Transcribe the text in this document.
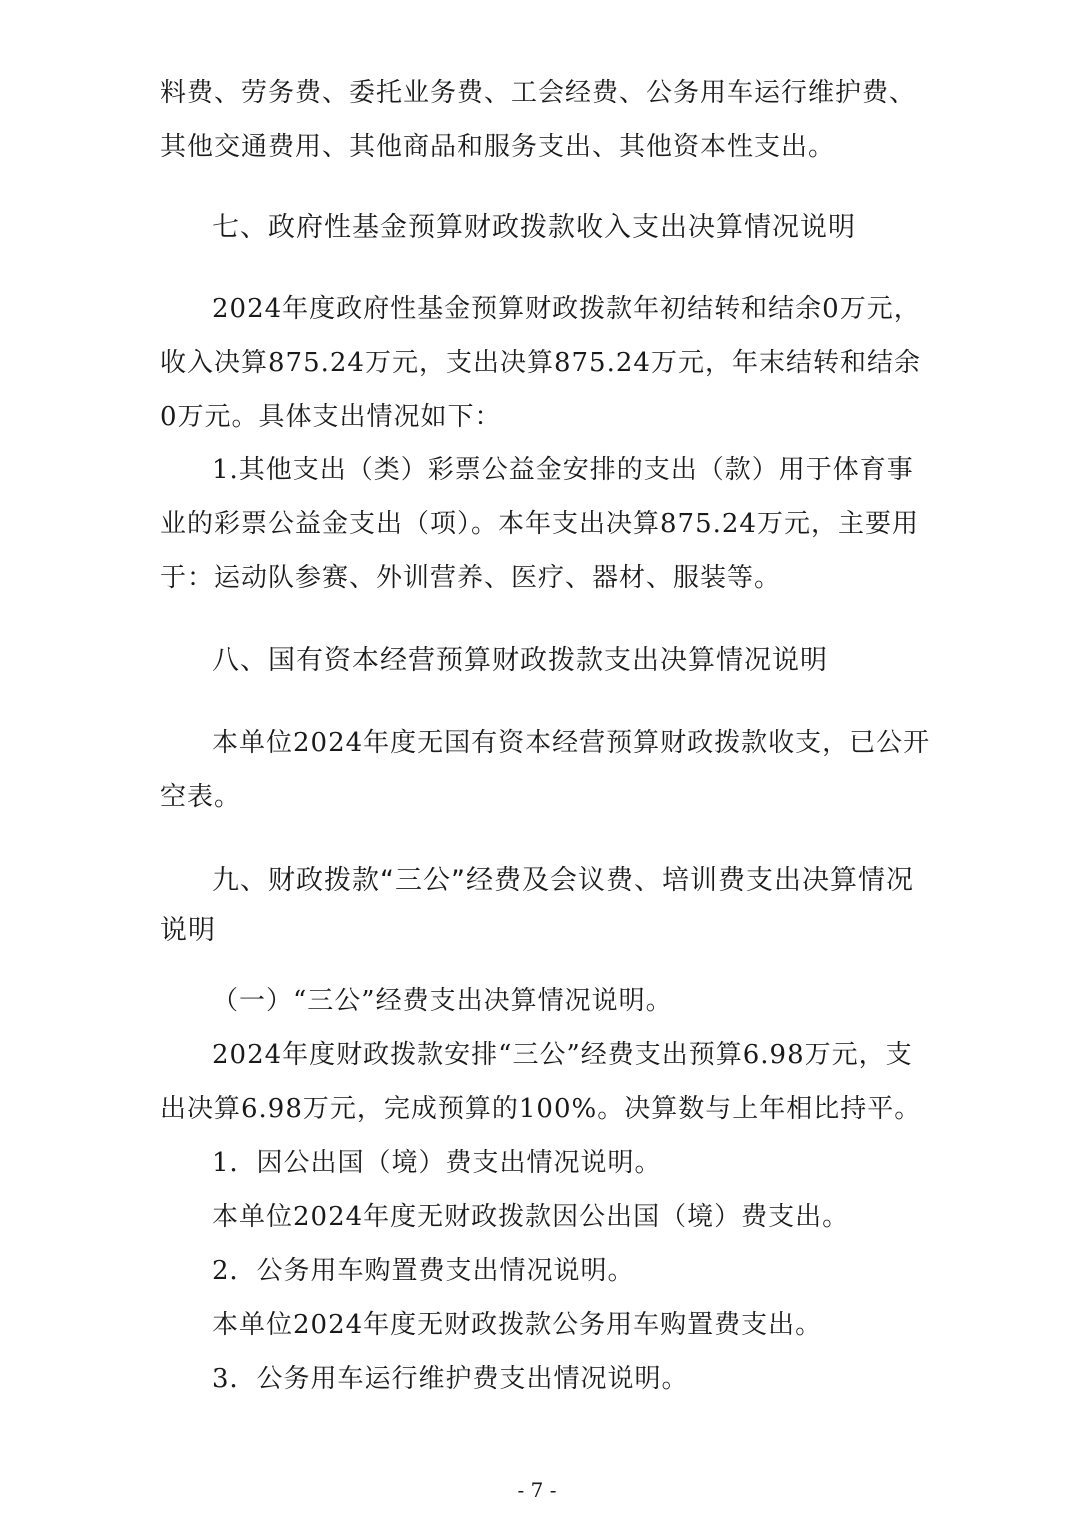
料费、劳务费、委托业务费、工会经费、公务用车运行维护费、其他交通费用、其他商品和服务支出、其他资本性支出。

七、政府性基金预算财政拨款收入支出决算情况说明

2024年度政府性基金预算财政拨款年初结转和结余0万元，收入决算875.24万元，支出决算875.24万元，年末结转和结余0万元。具体支出情况如下：

1.其他支出（类）彩票公益金安排的支出（款）用于体育事业的彩票公益金支出（项）。本年支出决算875.24万元，主要用于：运动队参赛、外训营养、医疗、器材、服装等。

八、国有资本经营预算财政拨款支出决算情况说明

本单位2024年度无国有资本经营预算财政拨款收支，已公开空表。

九、财政拨款“三公”经费及会议费、培训费支出决算情况说明

（一）“三公”经费支出决算情况说明。

2024年度财政拨款安排“三公”经费支出预算6.98万元，支出决算6.98万元，完成预算的100%。决算数与上年相比持平。

1．因公出国（境）费支出情况说明。

本单位2024年度无财政拨款因公出国（境）费支出。

2．公务用车购置费支出情况说明。

本单位2024年度无财政拨款公务用车购置费支出。

3．公务用车运行维护费支出情况说明。

- 7 -
